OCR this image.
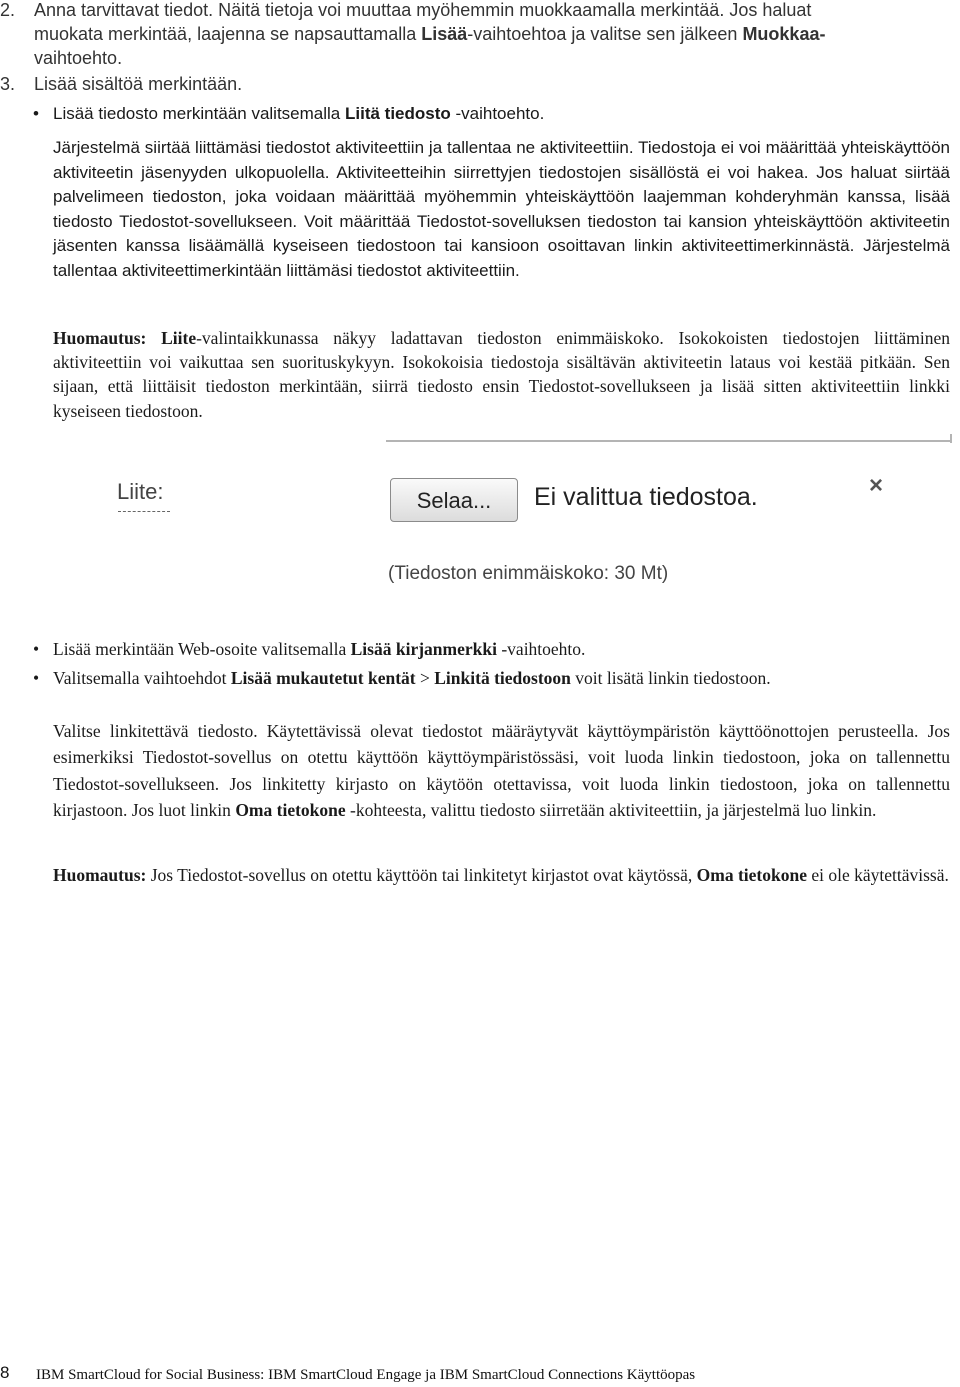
2. Anna tarvittavat tiedot. Näitä tietoja voi muuttaa myöhemmin muokkaamalla merkintää. Jos haluat
muokata merkintää, laajenna se napsauttamalla Lisää-vaihtoehtoa ja valitse sen jälkeen Muokkaa-
vaihtoehto.
3. Lisää sisältöä merkintään.
• Lisää tiedosto merkintään valitsemalla Liitä tiedosto -vaihtoehto.
Järjestelmä siirtää liittämäsi tiedostot aktiviteettiin ja tallentaa ne aktiviteettiin. Tiedostoja ei voi määrittää yhteiskäyttöön aktiviteetin jäsenyyden ulkopuolella. Aktiviteetteihin siirrettyjen tiedostojen sisällöstä ei voi hakea. Jos haluat siirtää palvelimeen tiedoston, joka voidaan määrittää myöhemmin yhteiskäyttöön laajemman kohderyhmän kanssa, lisää tiedosto Tiedostot-sovellukseen. Voit määrittää Tiedostot-sovelluksen tiedoston tai kansion yhteiskäyttöön aktiviteetin jäsenten kanssa lisäämällä kyseiseen tiedostoon tai kansioon osoittavan linkin aktiviteettimerkinnästä. Järjestelmä tallentaa aktiviteettimerkintään liittämäsi tiedostot aktiviteettiin.
Huomautus: Liite-valintaikkunassa näkyy ladattavan tiedoston enimmäiskoko. Isokokoisten tiedostojen liittäminen aktiviteettiin voi vaikuttaa sen suorituskykyyn. Isokokoisia tiedostoja sisältävän aktiviteetin lataus voi kestää pitkään. Sen sijaan, että liittäisit tiedoston merkintään, siirrä tiedosto ensin Tiedostot-sovellukseen ja lisää sitten aktiviteettiin linkki kyseiseen tiedostoon.
Liite:	Selaa...	Ei valittua tiedostoa.	×
(Tiedoston enimmäiskoko: 30 Mt)
• Lisää merkintään Web-osoite valitsemalla Lisää kirjanmerkki -vaihtoehto.
• Valitsemalla vaihtoehdot Lisää mukautetut kentät > Linkitä tiedostoon voit lisätä linkin tiedostoon.
Valitse linkitettävä tiedosto. Käytettävissä olevat tiedostot määräytyvät käyttöympäristön käyttöönottojen perusteella. Jos esimerkiksi Tiedostot-sovellus on otettu käyttöön käyttöympäristössäsi, voit luoda linkin tiedostoon, joka on tallennettu Tiedostot-sovellukseen. Jos linkitetty kirjasto on käytöön otettavissa, voit luoda linkin tiedostoon, joka on tallennettu kirjastoon. Jos luot linkin Oma tietokone -kohteesta, valittu tiedosto siirretään aktiviteettiin, ja järjestelmä luo linkin.
Huomautus: Jos Tiedostot-sovellus on otettu käyttöön tai linkitetyt kirjastot ovat käytössä, Oma tietokone ei ole käytettävissä.
8 IBM SmartCloud for Social Business: IBM SmartCloud Engage ja IBM SmartCloud Connections Käyttöopas
